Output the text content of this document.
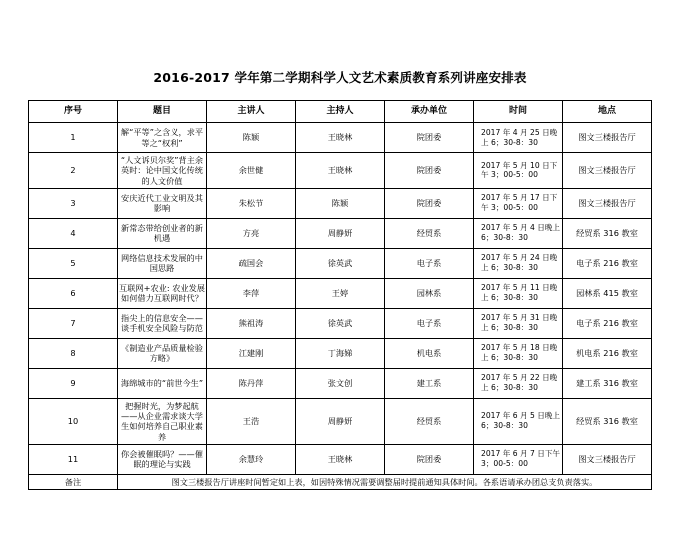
2016-2017 学年第二学期科学人文艺术素质教育系列讲座安排表
序号	题目	主讲人	主持人	承办单位	时间	地点
1	解“平等”之含义，求平等之“权利”	陈颖	王晓林	院团委	2017 年 4 月 25 日晚上 6；30-8：30	图文三楼报告厅
2	“人文诉贝尔奖”背主余英时：论中国文化传统的人文价值	余世健	王晓林	院团委	2017 年 5 月 10 日下午 3；00-5：00	图文三楼报告厅
3	安庆近代工业文明及其影响	朱松节	陈颖	院团委	2017 年 5 月 17 日下午 3；00-5：00	图文三楼报告厅
4	新常态带给创业者的新机遇	方亮	周静妍	经贸系	2017 年 5 月 4 日晚上 6；30-8：30	经贸系 316 教室
5	网络信息技术发展的中国思路	疏国会	徐英武	电子系	2017 年 5 月 24 日晚上 6；30-8：30	电子系 216 教室
6	互联网+农业: 农业发展如何借力互联网时代？	李萍	王婷	园林系	2017 年 5 月 11 日晚上 6；30-8：30	园林系 415 教室
7	指尖上的信息安全——谈手机安全风险与防范	熊祖涛	徐英武	电子系	2017 年 5 月 31 日晚上 6；30-8：30	电子系 216 教室
8	《制造业产品质量检验方略》	江建刚	丁海娣	机电系	2017 年 5 月 18 日晚上 6；30-8：30	机电系 216 教室
9	海绵城市的“前世今生”	陈丹萍	张文创	建工系	2017 年 5 月 22 日晚上 6；30-8：30	建工系 316 教室
10	把握时光，为梦起航——从企业需求谈大学生如何培养自己职业素养	王浩	周静妍	经贸系	2017 年 6 月 5 日晚上 6；30-8：30	经贸系 316 教室
11	你会被催眠吗？——催眠的理论与实践	余慧玲	王晓林	院团委	2017 年 6 月 7 日下午 3；00-5：00	图文三楼报告厅
备注	图文三楼报告厅讲座时间暂定如上表，如因特殊情况需要调整届时提前通知具体时间。各系语请承办团总支负责落实。					
